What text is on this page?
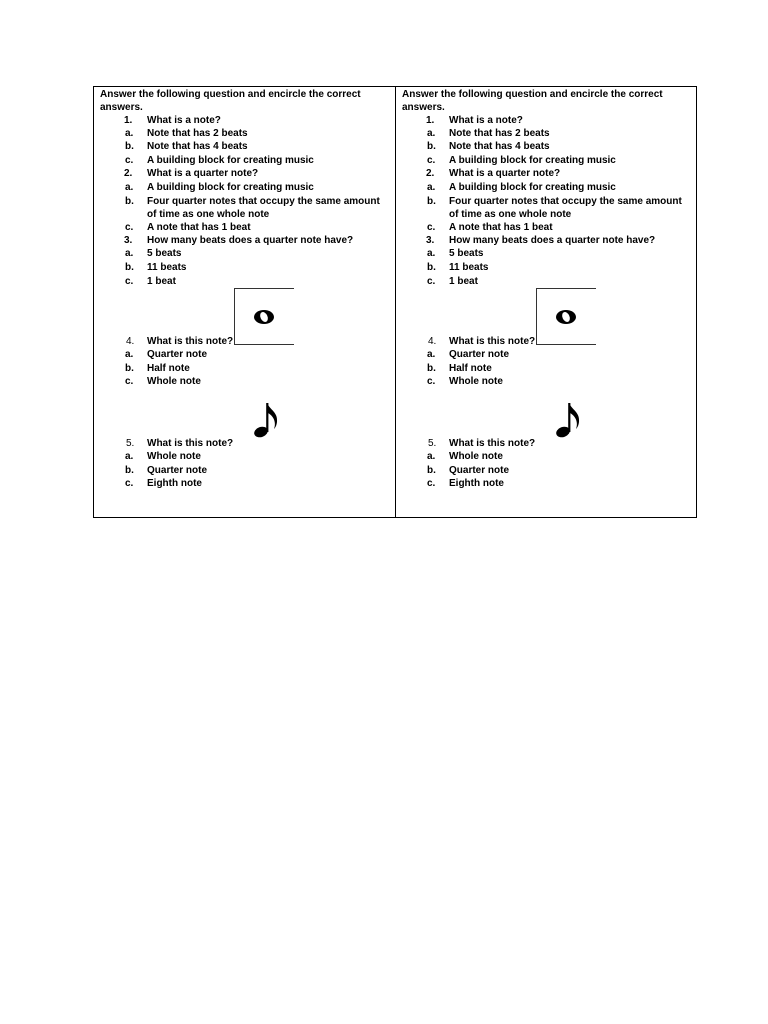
Answer the following question and encircle the correct answers.
1.	What is a note?
a.	Note that has 2 beats
b.	Note that has 4 beats
c.	A building block for creating music
2.	What is a quarter note?
a.	A building block for creating music
b.	Four quarter notes that occupy the same amount
of time as one whole note
c.	A note that has 1 beat
3.	How many beats does a quarter note have?
a.	5 beats
b.	11 beats
c.	1 beat
4.	What is this note?
a.	Quarter note
b.	Half note
c.	Whole note
5.	What is this note?
a.	Whole note
b.	Quarter note
c.	Eighth note
Answer the following question and encircle the correct answers.
1.	What is a note?
a.	Note that has 2 beats
b.	Note that has 4 beats
c.	A building block for creating music
2.	What is a quarter note?
a.	A building block for creating music
b.	Four quarter notes that occupy the same amount
of time as one whole note
c.	A note that has 1 beat
3.	How many beats does a quarter note have?
a.	5 beats
b.	11 beats
c.	1 beat
4.	What is this note?
a.	Quarter note
b.	Half note
c.	Whole note
5.	What is this note?
a.	Whole note
b.	Quarter note
c.	Eighth note
